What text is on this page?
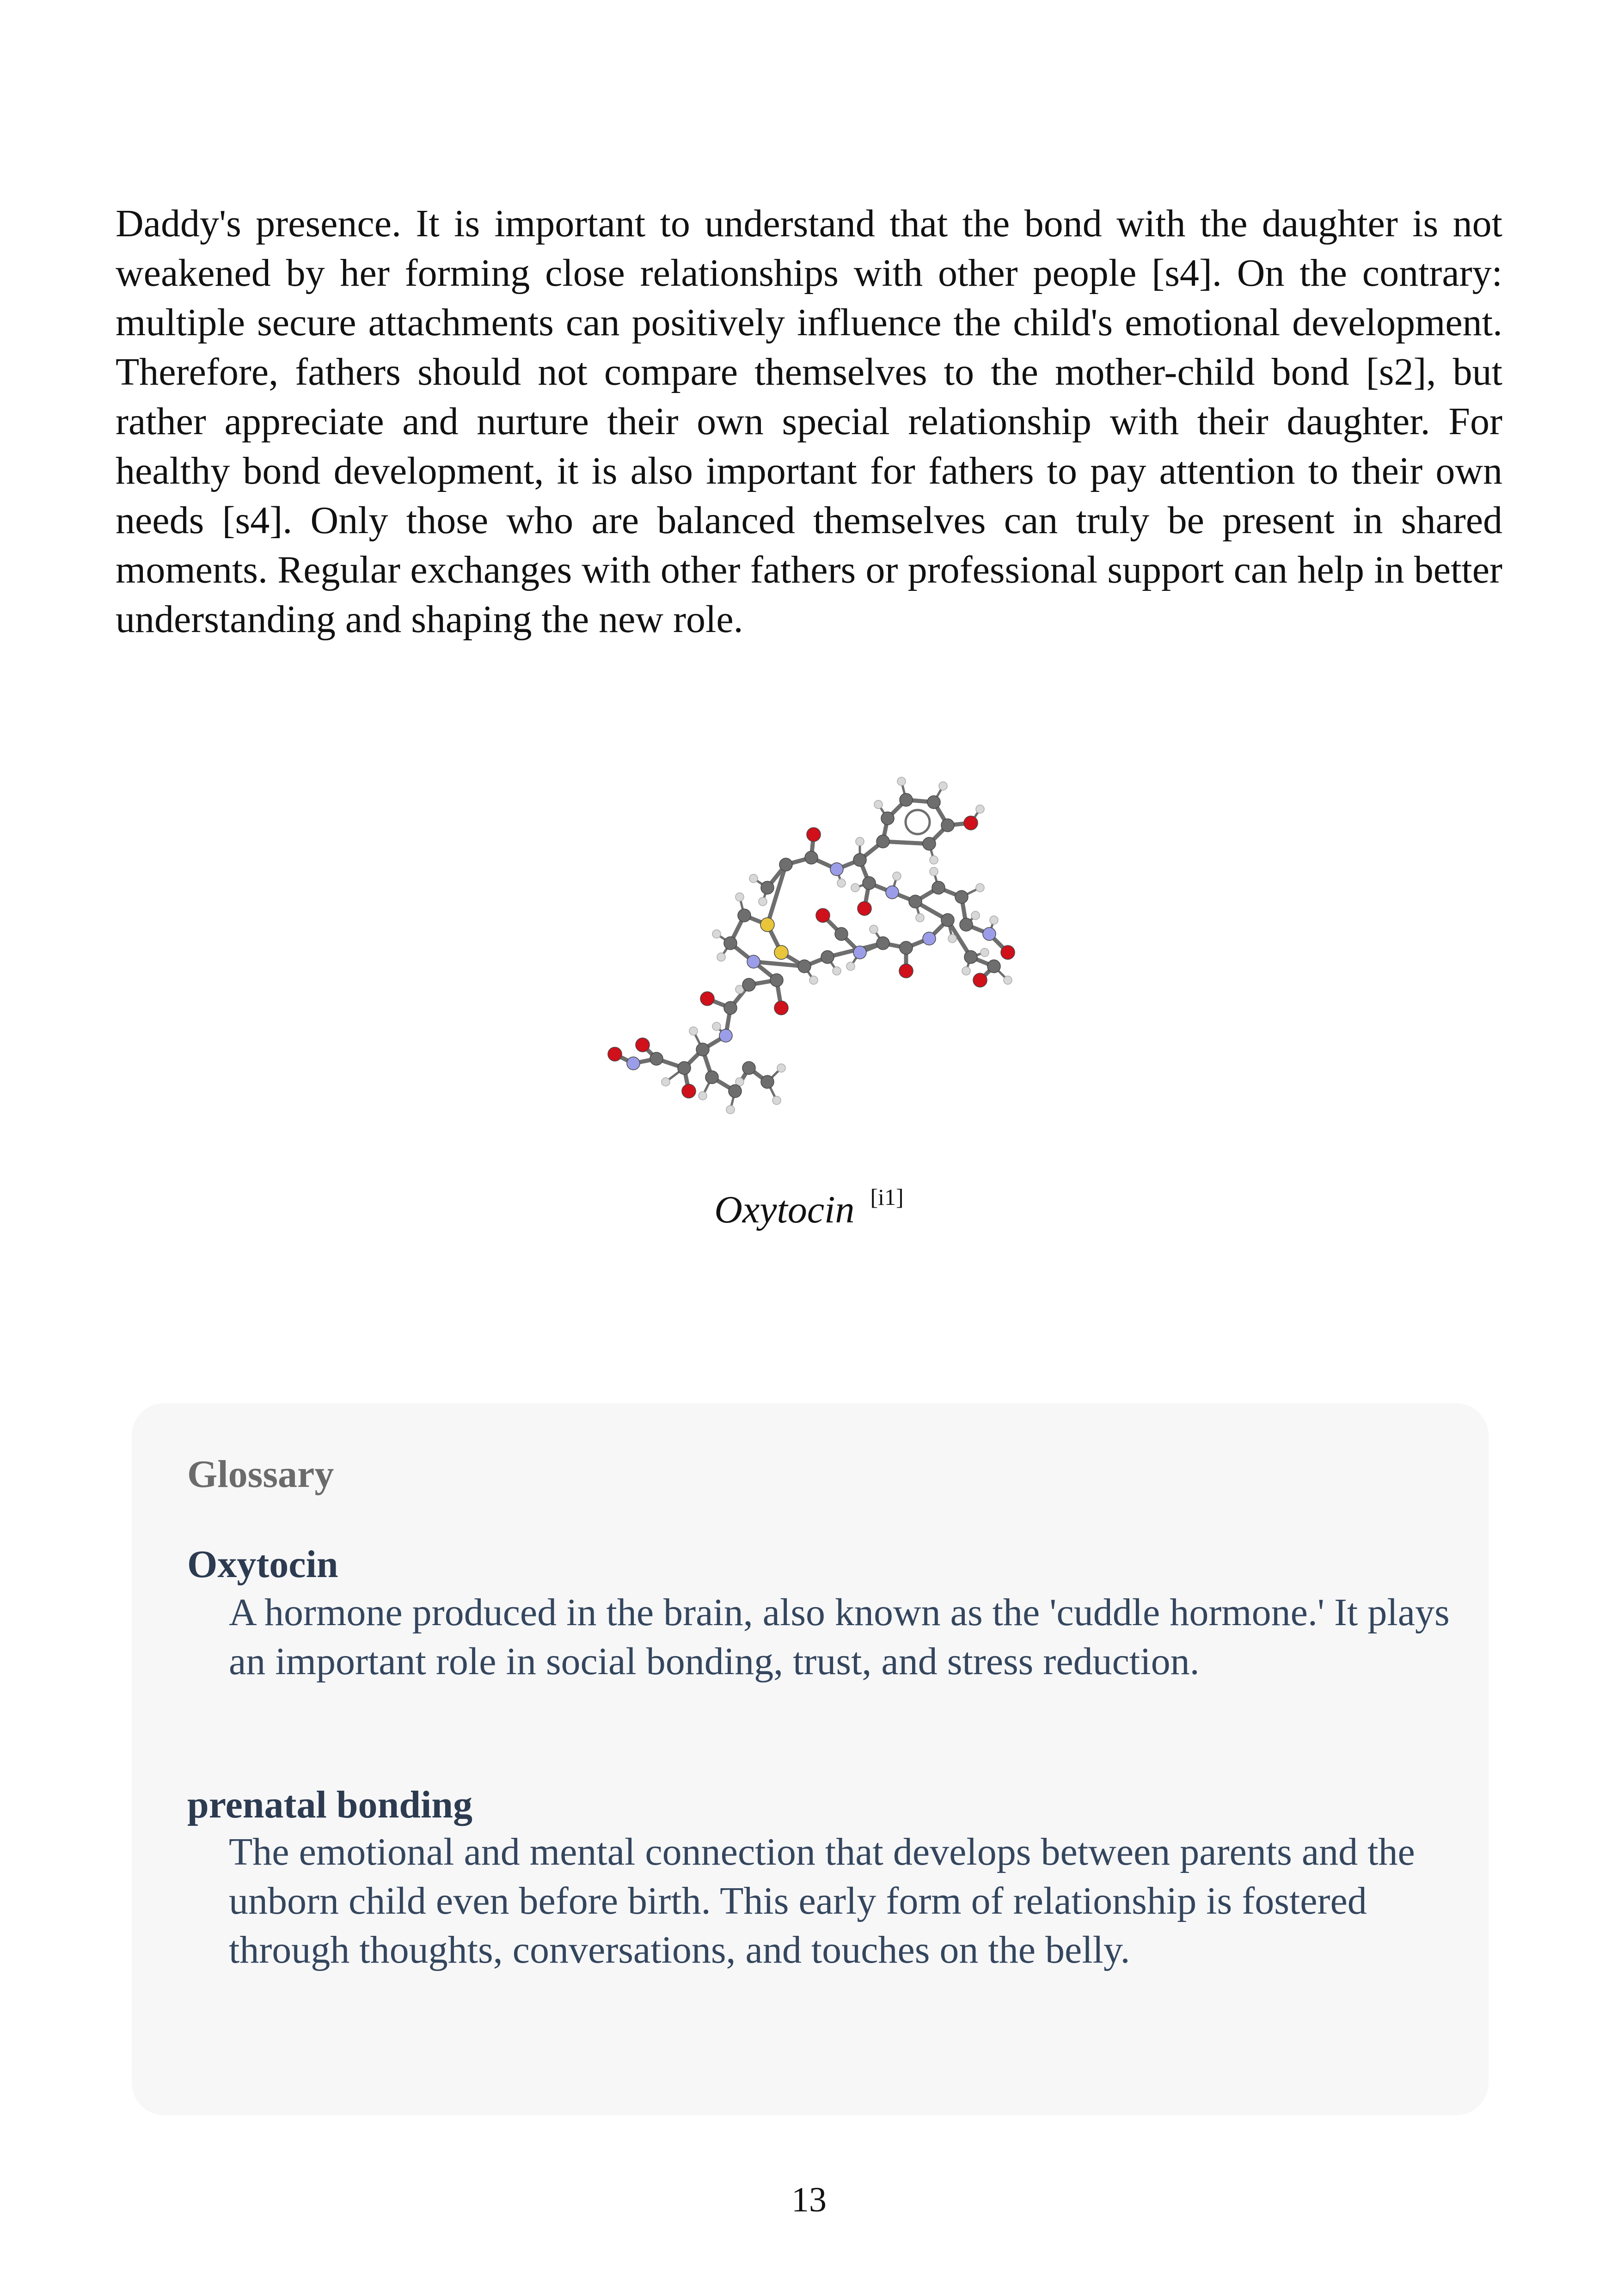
Daddy's presence. It is important to understand that the bond with the daughter is not weakened by her forming close relationships with other people [s4]. On the contrary: multiple secure attachments can positively influence the child's emotional development. Therefore, fathers should not compare themselves to the mother-child bond [s2], but rather appreciate and nurture their own special relationship with their daughter. For healthy bond development, it is also important for fathers to pay attention to their own needs [s4]. Only those who are balanced themselves can truly be present in shared moments. Regular exchanges with other fathers or professional support can help in better understanding and shaping the new role.

Oxytocin [i1]
Glossary
Oxytocin

A hormone produced in the brain, also known as the 'cuddle hormone.' It plays an important role in social bonding, trust, and stress reduction.

prenatal bonding

The emotional and mental connection that develops between parents and the unborn child even before birth. This early form of relationship is fostered through thoughts, conversations, and touches on the belly.

13
